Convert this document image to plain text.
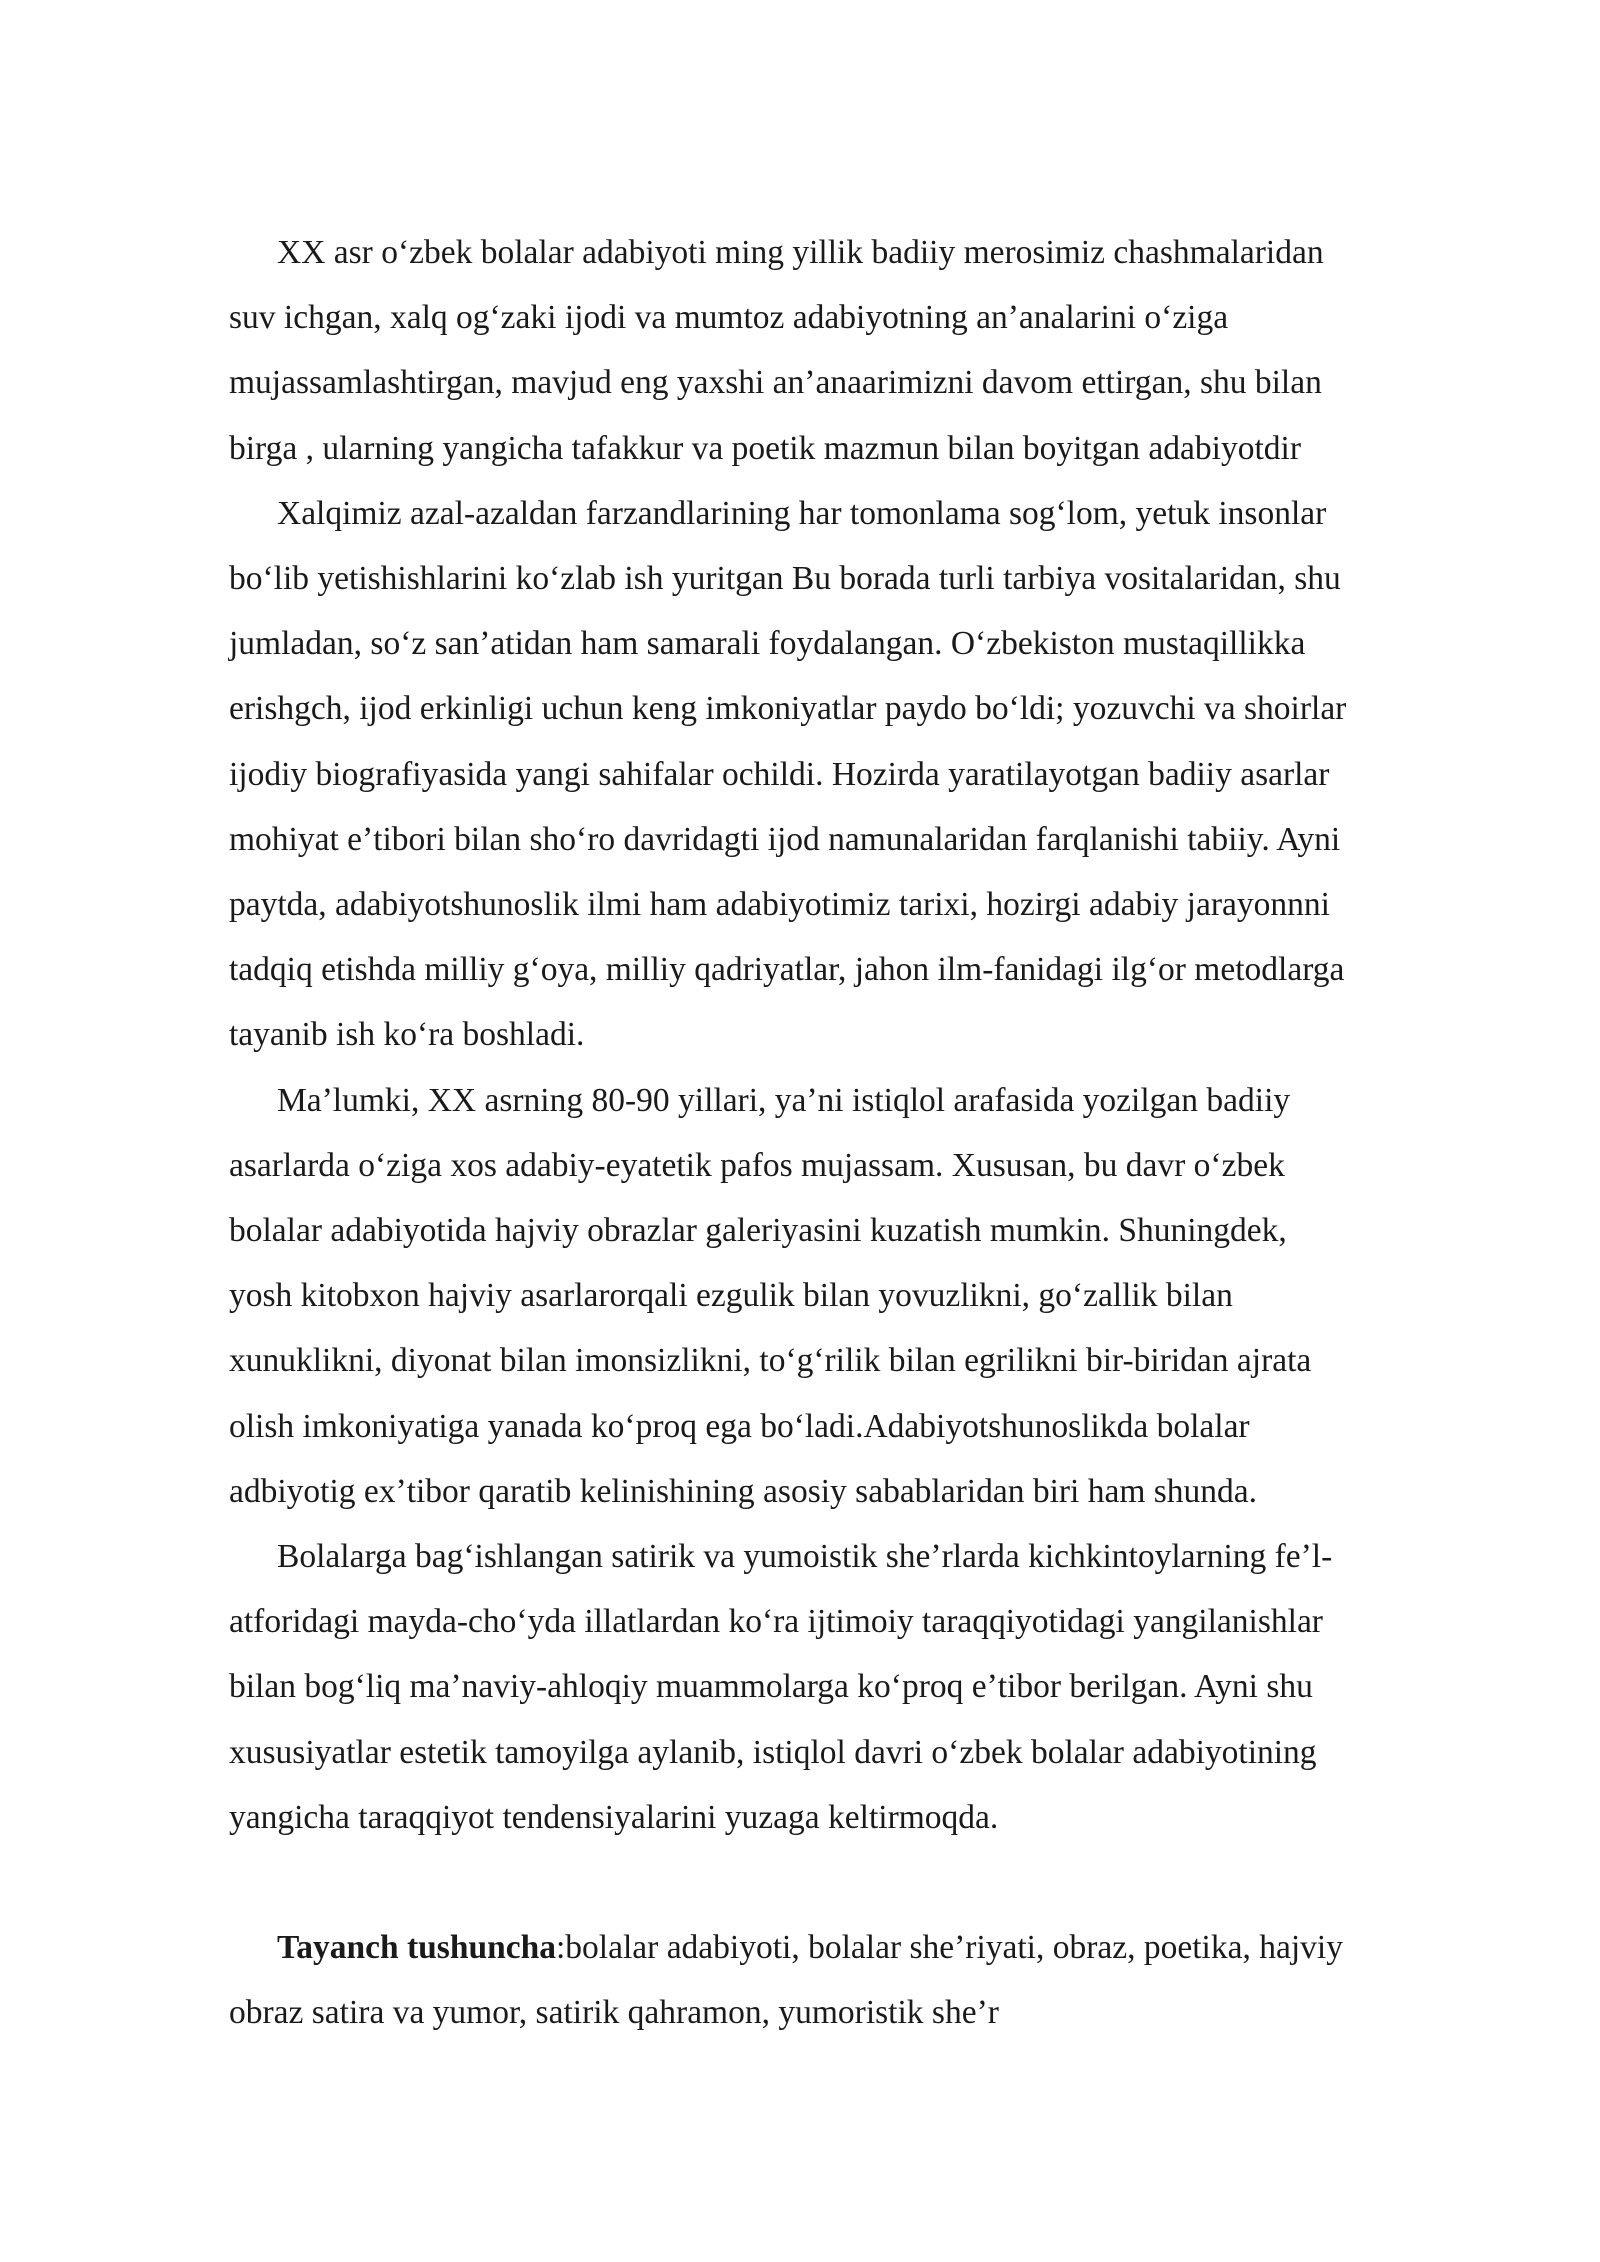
XX asr oʻzbek bolalar adabiyoti ming yillik badiiy merosimiz chashmalaridan
suv ichgan, xalq ogʻzaki ijodi va mumtoz adabiyotning anʼanalarini oʻziga
mujassamlashtirgan, mavjud eng yaxshi anʼanaarimizni davom ettirgan, shu bilan
birga , ularning yangicha tafakkur va poetik mazmun bilan boyitgan adabiyotdir

Xalqimiz azal-azaldan farzandlarining har tomonlama sogʻlom, yetuk insonlar
boʻlib yetishishlarini koʻzlab ish yuritgan Bu borada turli tarbiya vositalaridan, shu
jumladan, soʻz sanʼatidan ham samarali foydalangan. Oʻzbekiston mustaqillikka
erishgch, ijod erkinligi uchun keng imkoniyatlar paydo boʻldi; yozuvchi va shoirlar
ijodiy biografiyasida yangi sahifalar ochildi. Hozirda yaratilayotgan badiiy asarlar
mohiyat eʼtibori bilan shoʻro davridagti ijod namunalaridan farqlanishi tabiiy. Ayni
paytda, adabiyotshunoslik ilmi ham adabiyotimiz tarixi, hozirgi adabiy jarayonnni
tadqiq etishda milliy gʻoya, milliy qadriyatlar, jahon ilm-fanidagi ilgʻor metodlarga
tayanib ish koʻra boshladi.

Maʼlumki, XX asrning 80-90 yillari, yaʼni istiqlol arafasida yozilgan badiiy
asarlarda oʻziga xos adabiy-eyatetik pafos mujassam. Xususan, bu davr oʻzbek
bolalar adabiyotida hajviy obrazlar galeriyasini kuzatish mumkin. Shuningdek,
yosh kitobxon hajviy asarlarorqali ezgulik bilan yovuzlikni, goʻzallik bilan
xunuklikni, diyonat bilan imonsizlikni, toʻgʻrilik bilan egrilikni bir-biridan ajrata
olish imkoniyatiga yanada koʻproq ega boʻladi.Adabiyotshunoslikda bolalar
adbiyotig exʼtibor qaratib kelinishining asosiy sabablaridan biri ham shunda.

Bolalarga bagʻishlangan satirik va yumoistik sheʼrlarda kichkintoylarning feʼl-
atforidagi mayda-choʻyda illatlardan koʻra ijtimoiy taraqqiyotidagi yangilanishlar
bilan bogʻliq maʼnaviy-ahloqiy muammolarga koʻproq eʼtibor berilgan. Ayni shu
xususiyatlar estetik tamoyilga aylanib, istiqlol davri oʻzbek bolalar adabiyotining
yangicha taraqqiyot tendensiyalarini yuzaga keltirmoqda.

Tayanch tushuncha:bolalar adabiyoti, bolalar sheʼriyati, obraz, poetika, hajviy
obraz satira va yumor, satirik qahramon, yumoristik sheʼr
